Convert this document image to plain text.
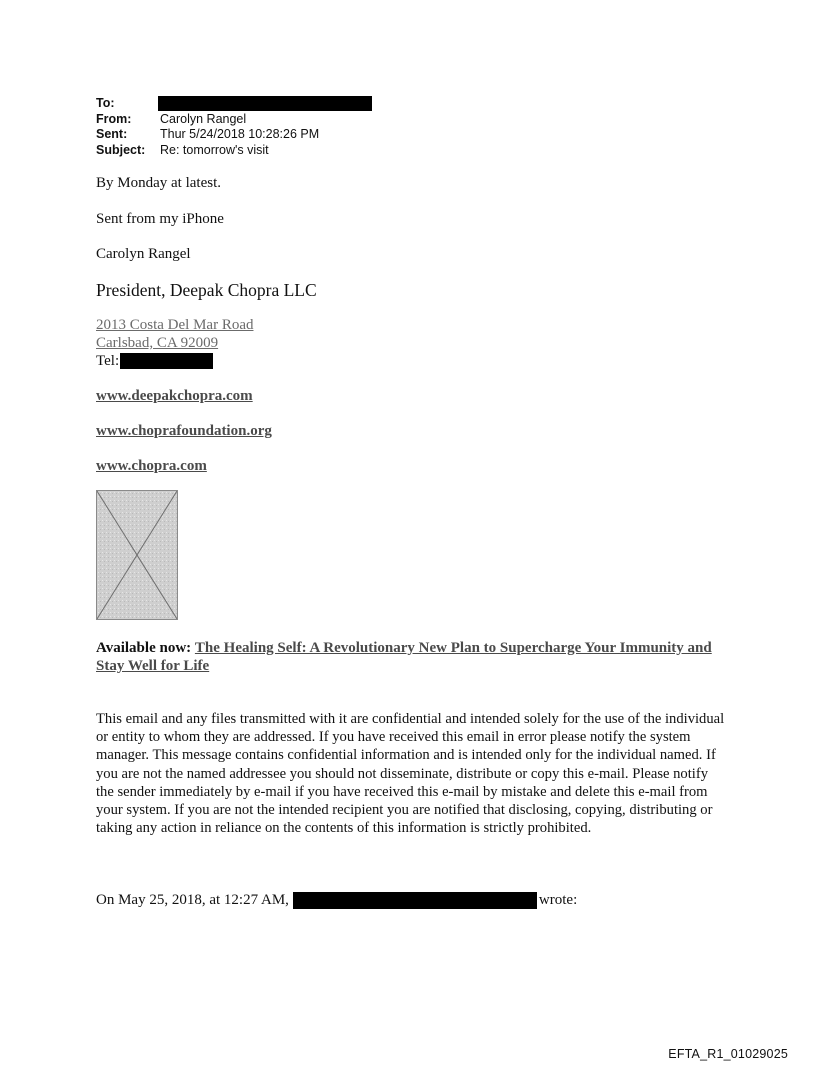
To:
From:	Carolyn Rangel
Sent:	Thur 5/24/2018 10:28:26 PM
Subject:	Re: tomorrow's visit
By Monday at latest.
Sent from my iPhone
Carolyn Rangel
President, Deepak Chopra LLC
2013 Costa Del Mar Road
Carlsbad, CA 92009
Tel:
www.deepakchopra.com
www.choprafoundation.org
www.chopra.com
Available now: The Healing Self: A Revolutionary New Plan to Supercharge Your Immunity and Stay Well for Life
This email and any files transmitted with it are confidential and intended solely for the use of the individual or entity to whom they are addressed. If you have received this email in error please notify the system manager. This message contains confidential information and is intended only for the individual named. If you are not the named addressee you should not disseminate, distribute or copy this e-mail. Please notify the sender immediately by e-mail if you have received this e-mail by mistake and delete this e-mail from your system. If you are not the intended recipient you are notified that disclosing, copying, distributing or taking any action in reliance on the contents of this information is strictly prohibited.
On May 25, 2018, at 12:27 AM,	wrote:
EFTA_R1_01029025
